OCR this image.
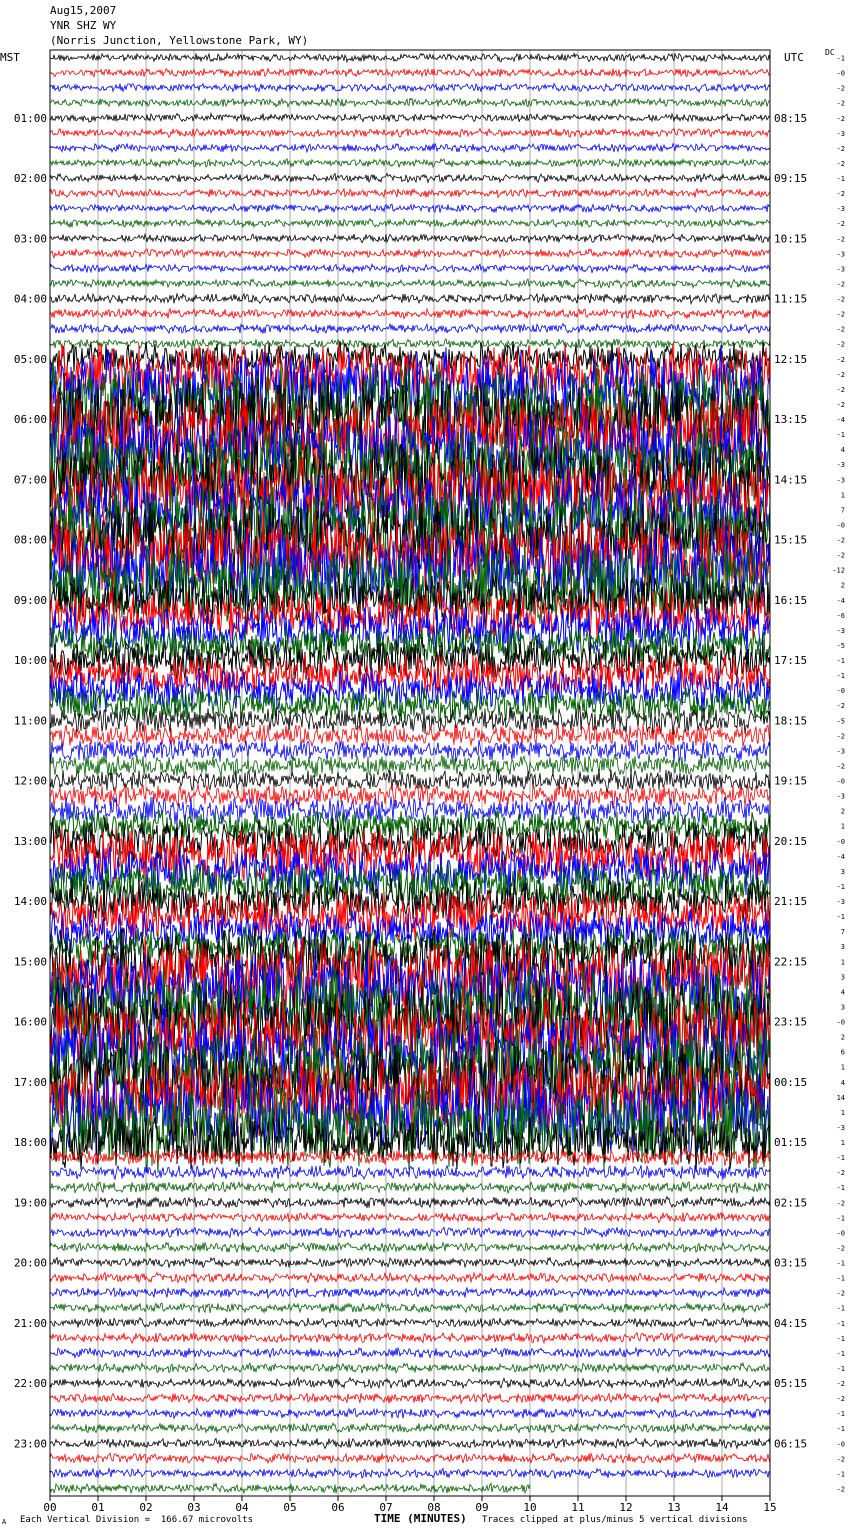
Aug15,2007
YNR SHZ WY
(Norris Junction, Yellowstone Park, WY)
MST	UTC	DC
01:00
02:00
03:00
04:00
05:00
06:00
07:00
08:00
09:00
10:00
11:00
12:00
13:00
14:00
15:00
16:00
17:00
18:00
19:00
20:00
21:00
22:00
23:00
08:15
09:15
10:15
11:15
12:15
13:15
14:15
15:15
16:15
17:15
18:15
19:15
20:15
21:15
22:15
23:15
00:15
01:15
02:15
03:15
04:15
05:15
06:15
-1
-0
-2
-2
-2
-3
-2
-2
-1
-2
-3
-2
-2
-3
-3
-2
-2
-2
-2
-2
-2
-2
-2
-2
-4
-1
4
-3
-3
1
7
-0
-2
-2
-12
2
-4
-6
-3
-5
-1
-1
-0
-2
-5
-2
-3
-2
-0
-3
2
1
-0
-4
3
-1
-3
-1
7
3
1
3
4
3
-0
2
6
1
4
14
1
-3
1
-1
-2
-1
-2
-1
-0
-2
-1
-1
-2
-1
-1
-1
-1
-1
-2
-2
-1
-1
-0
-2
-1
-2
00	01	02	03	04	05	06	07	08	09	10	11	12	13	14	15
A Each Vertical Division =  166.67 microvolts	TIME (MINUTES) Traces clipped at plus/minus 5 vertical divisions
